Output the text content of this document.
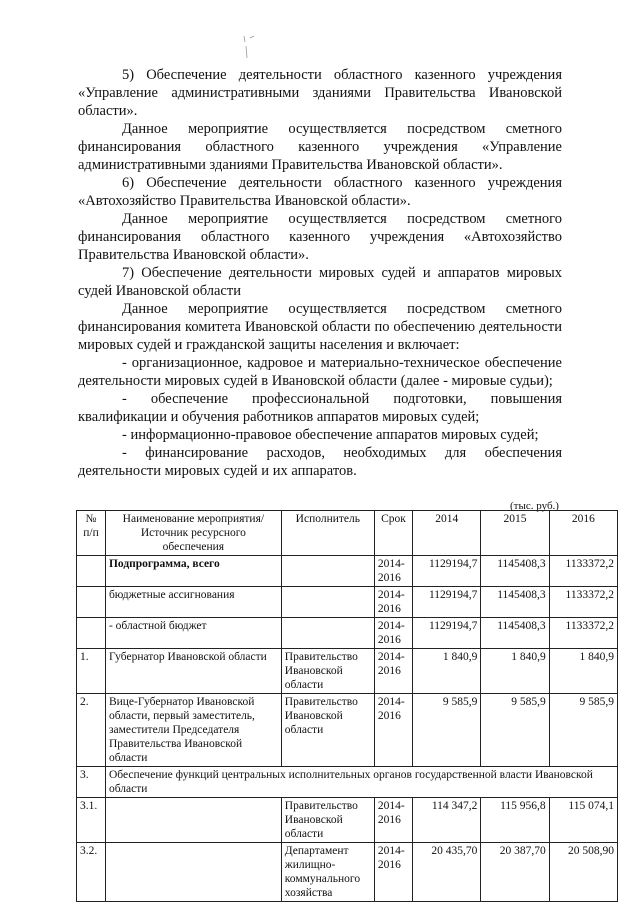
5) Обеспечение деятельности областного казенного учреждения «Управление административными зданиями Правительства Ивановской области».

Данное мероприятие осуществляется посредством сметного финансирования областного казенного учреждения «Управление административными зданиями Правительства Ивановской области».

6) Обеспечение деятельности областного казенного учреждения «Автохозяйство Правительства Ивановской области».

Данное мероприятие осуществляется посредством сметного финансирования областного казенного учреждения «Автохозяйство Правительства Ивановской области».

7) Обеспечение деятельности мировых судей и аппаратов мировых судей Ивановской области

Данное мероприятие осуществляется посредством сметного финансирования комитета Ивановской области по обеспечению деятельности мировых судей и гражданской защиты населения и включает:

- организационное, кадровое и материально-техническое обеспечение деятельности мировых судей в Ивановской области (далее - мировые судьи);

- обеспечение профессиональной подготовки, повышения квалификации и обучения работников аппаратов мировых судей;

- информационно-правовое обеспечение аппаратов мировых судей;

- финансирование расходов, необходимых для обеспечения деятельности мировых судей и их аппаратов.

(тыс. руб.)
№ п/п	Наименование мероприятия/ Источник ресурсного обеспечения	Исполнитель	Срок	2014	2015	2016
	Подпрограмма, всего		2014-2016	1129194,7	1145408,3	1133372,2
	бюджетные ассигнования		2014-2016	1129194,7	1145408,3	1133372,2
	- областной бюджет		2014-2016	1129194,7	1145408,3	1133372,2
1.	Губернатор Ивановской области	Правительство Ивановской области	2014-2016	1 840,9	1 840,9	1 840,9
2.	Вице-Губернатор Ивановской области, первый заместитель, заместители Председателя Правительства Ивановской области	Правительство Ивановской области	2014-2016	9 585,9	9 585,9	9 585,9
3.	Обеспечение функций центральных исполнительных органов государственной власти Ивановской области					
3.1.		Правительство Ивановской области	2014-2016	114 347,2	115 956,8	115 074,1
3.2.		Департамент жилищно-коммунального хозяйства	2014-2016	20 435,70	20 387,70	20 508,90
